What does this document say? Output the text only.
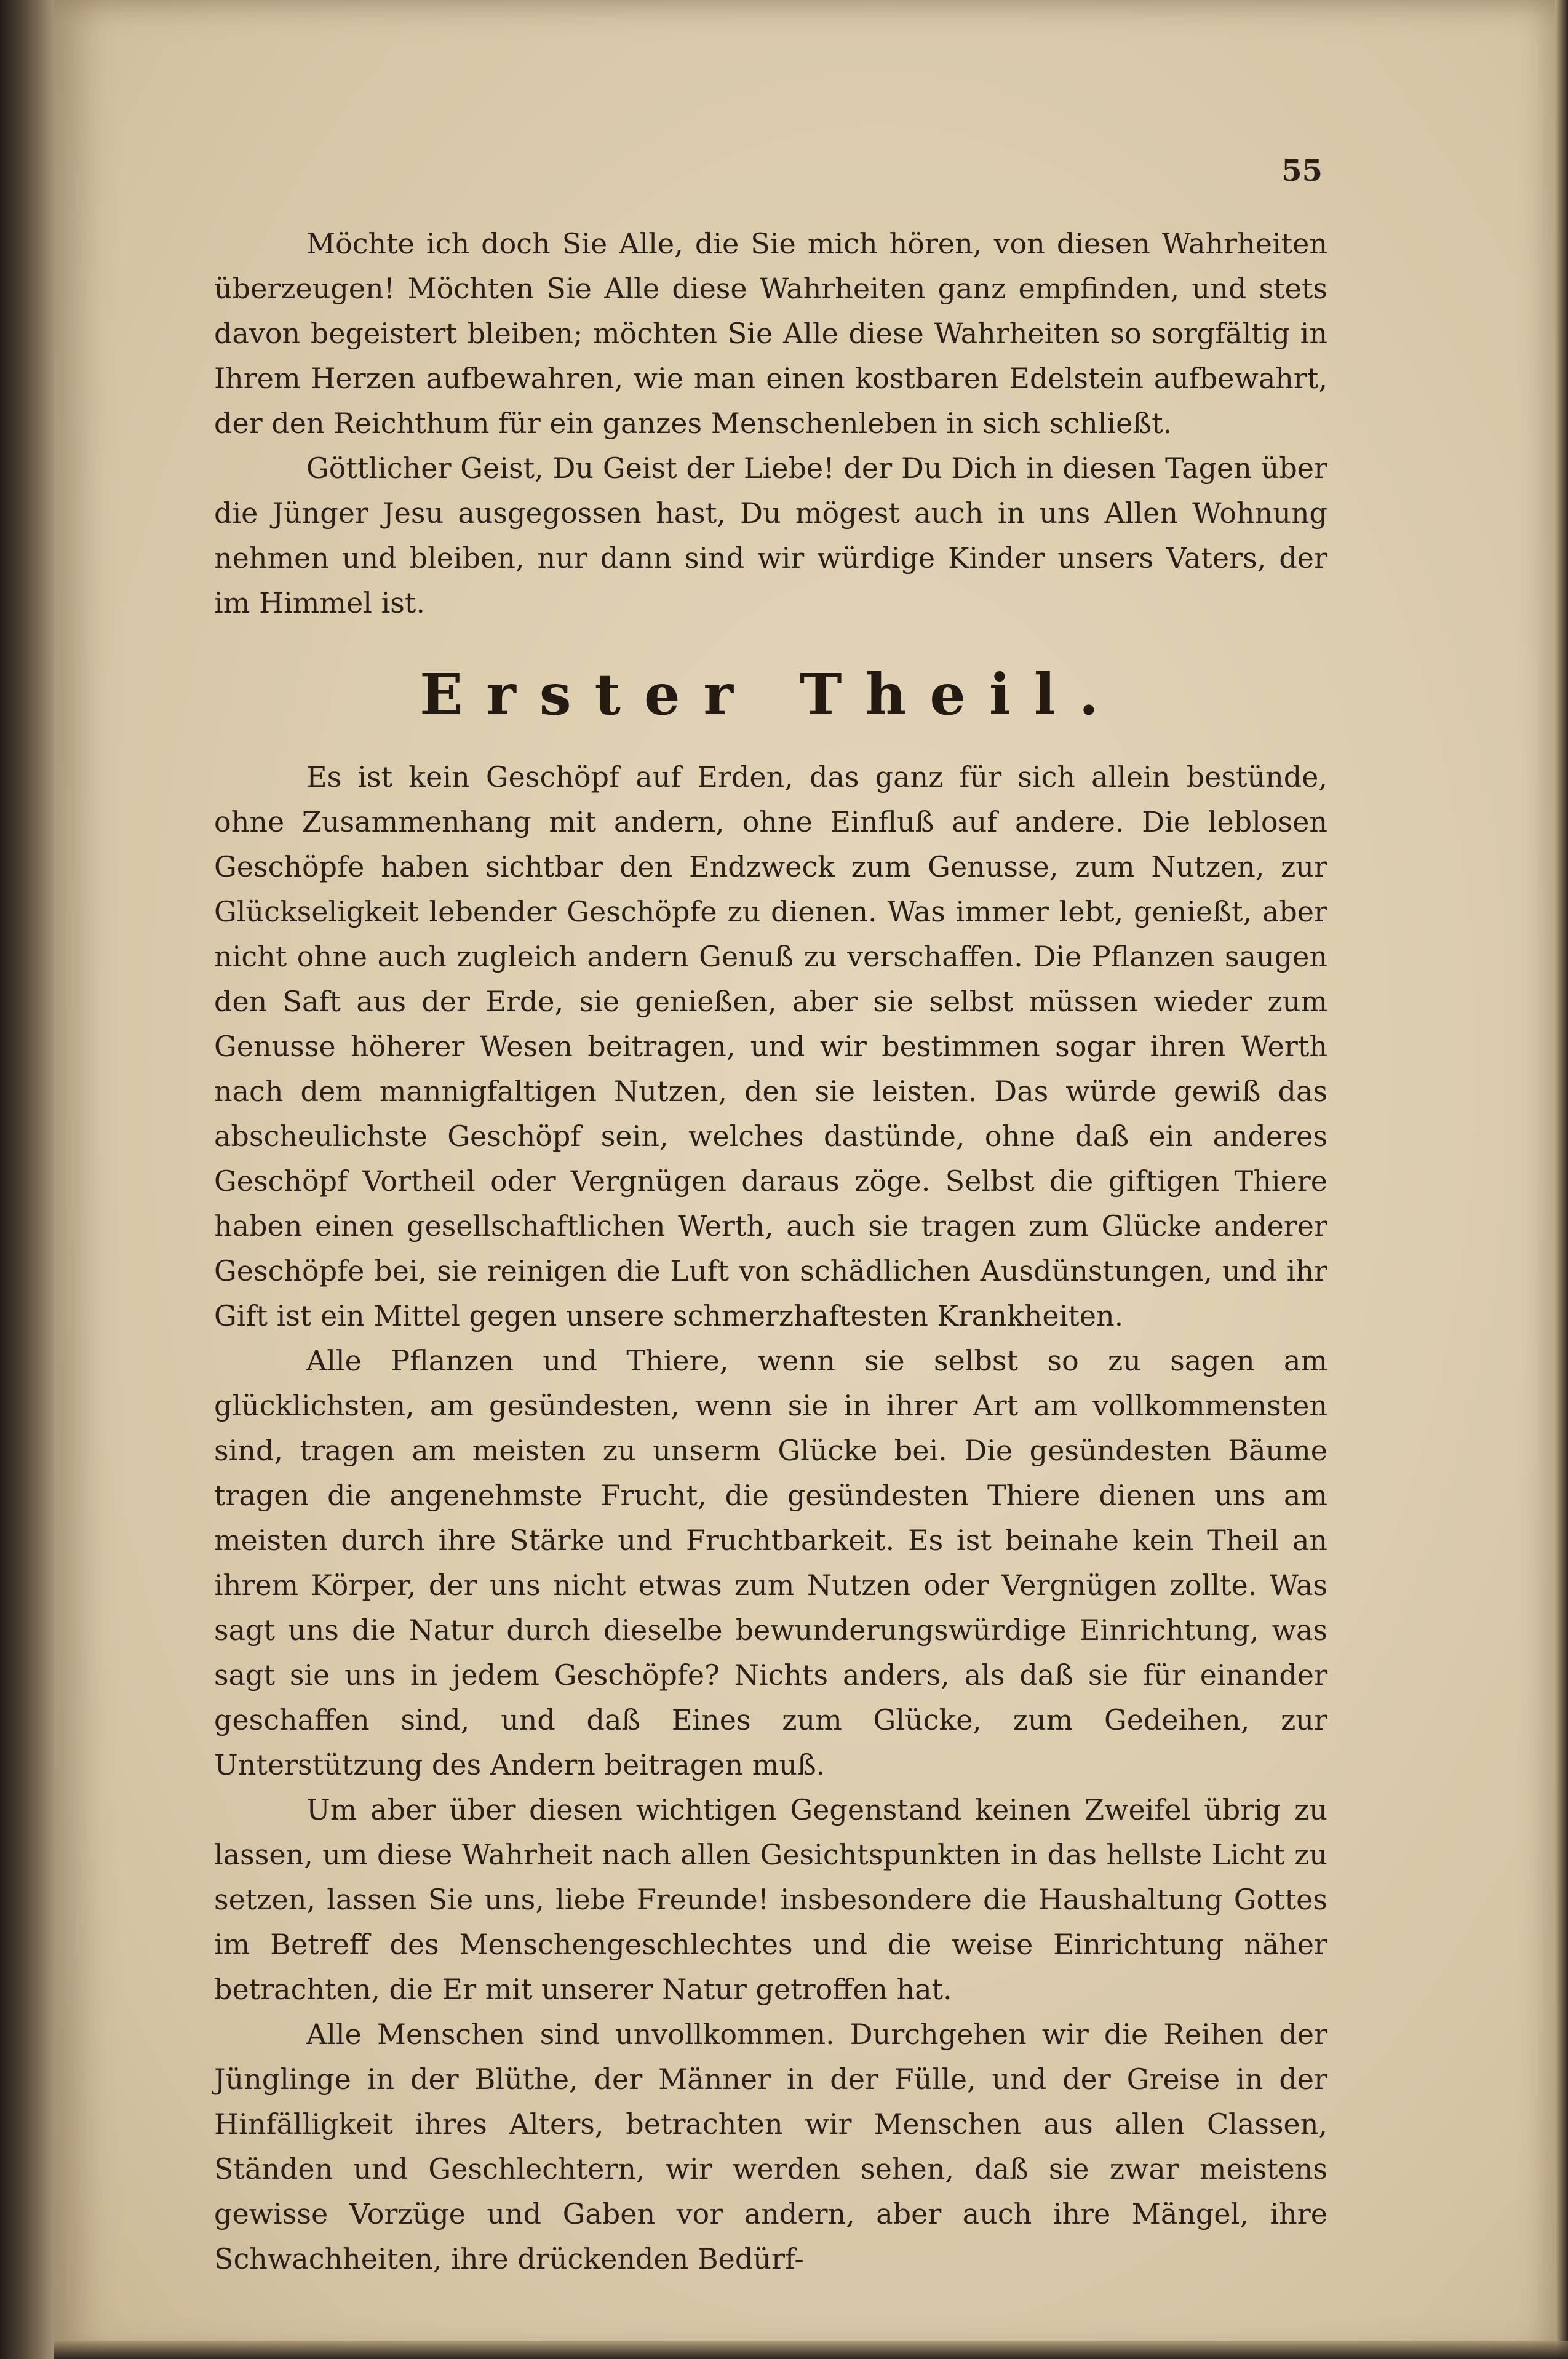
55

Möchte ich doch Sie Alle, die Sie mich hören, von diesen Wahrheiten überzeugen! Möchten Sie Alle diese Wahrheiten ganz empfinden, und stets davon begeistert bleiben; möchten Sie Alle diese Wahrheiten so sorgfältig in Ihrem Herzen aufbewahren, wie man einen kostbaren Edelstein aufbewahrt, der den Reichthum für ein ganzes Menschenleben in sich schließt.

Göttlicher Geist, Du Geist der Liebe! der Du Dich in diesen Tagen über die Jünger Jesu ausgegossen hast, Du mögest auch in uns Allen Wohnung nehmen und bleiben, nur dann sind wir würdige Kinder unsers Vaters, der im Himmel ist.

Erster Theil.

Es ist kein Geschöpf auf Erden, das ganz für sich allein bestünde, ohne Zusammenhang mit andern, ohne Einfluß auf andere. Die leblosen Geschöpfe haben sichtbar den Endzweck zum Genusse, zum Nutzen, zur Glückseligkeit lebender Geschöpfe zu dienen. Was immer lebt, genießt, aber nicht ohne auch zugleich andern Genuß zu verschaffen. Die Pflanzen saugen den Saft aus der Erde, sie genießen, aber sie selbst müssen wieder zum Genusse höherer Wesen beitragen, und wir bestimmen sogar ihren Werth nach dem mannigfaltigen Nutzen, den sie leisten. Das würde gewiß das abscheulichste Geschöpf sein, welches dastünde, ohne daß ein anderes Geschöpf Vortheil oder Vergnügen daraus zöge. Selbst die giftigen Thiere haben einen gesellschaftlichen Werth, auch sie tragen zum Glücke anderer Geschöpfe bei, sie reinigen die Luft von schädlichen Ausdünstungen, und ihr Gift ist ein Mittel gegen unsere schmerzhaftesten Krankheiten.

Alle Pflanzen und Thiere, wenn sie selbst so zu sagen am glücklichsten, am gesündesten, wenn sie in ihrer Art am vollkommensten sind, tragen am meisten zu unserm Glücke bei. Die gesündesten Bäume tragen die angenehmste Frucht, die gesündesten Thiere dienen uns am meisten durch ihre Stärke und Fruchtbarkeit. Es ist beinahe kein Theil an ihrem Körper, der uns nicht etwas zum Nutzen oder Vergnügen zollte. Was sagt uns die Natur durch dieselbe bewunderungswürdige Einrichtung, was sagt sie uns in jedem Geschöpfe? Nichts anders, als daß sie für einander geschaffen sind, und daß Eines zum Glücke, zum Gedeihen, zur Unterstützung des Andern beitragen muß.

Um aber über diesen wichtigen Gegenstand keinen Zweifel übrig zu lassen, um diese Wahrheit nach allen Gesichtspunkten in das hellste Licht zu setzen, lassen Sie uns, liebe Freunde! insbesondere die Haushaltung Gottes im Betreff des Menschengeschlechtes und die weise Einrichtung näher betrachten, die Er mit unserer Natur getroffen hat.

Alle Menschen sind unvollkommen. Durchgehen wir die Reihen der Jünglinge in der Blüthe, der Männer in der Fülle, und der Greise in der Hinfälligkeit ihres Alters, betrachten wir Menschen aus allen Classen, Ständen und Geschlechtern, wir werden sehen, daß sie zwar meistens gewisse Vorzüge und Gaben vor andern, aber auch ihre Mängel, ihre Schwachheiten, ihre drückenden Bedürf-
